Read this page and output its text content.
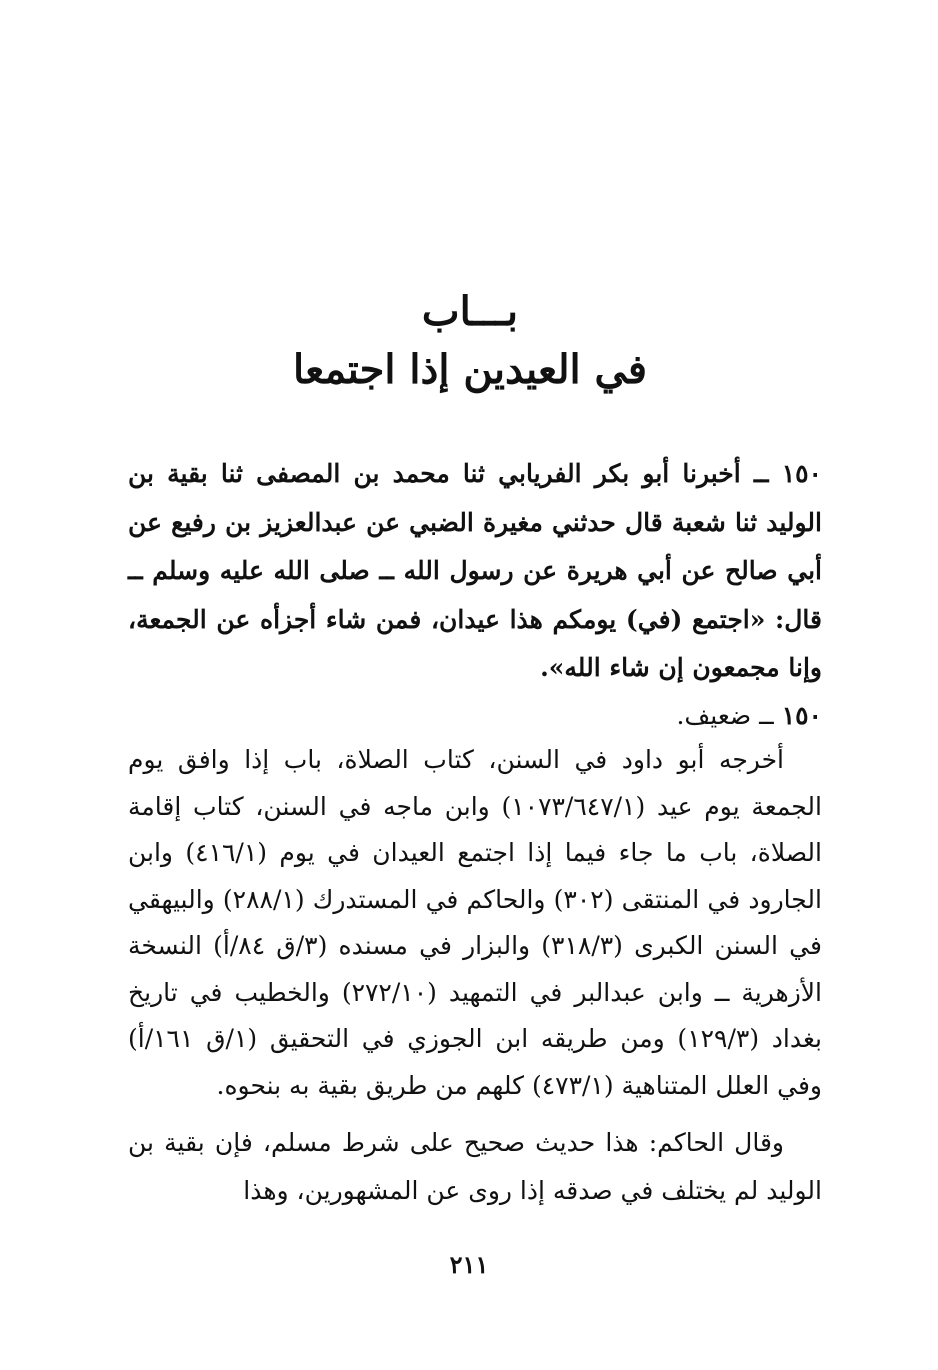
بـــاب
في العيدين إذا اجتمعا
١٥٠ ــ أخبرنا أبو بكر الفريابي ثنا محمد بن المصفى ثنا بقية بن الوليد ثنا شعبة قال حدثني مغيرة الضبي عن عبدالعزيز بن رفيع عن أبي صالح عن أبي هريرة عن رسول الله ــ صلى الله عليه وسلم ــ قال: «اجتمع (في) يومكم هذا عيدان، فمن شاء أجزأه عن الجمعة، وإنا مجمعون إن شاء الله».
١٥٠ ــ ضعيف.
أخرجه أبو داود في السنن، كتاب الصلاة، باب إذا وافق يوم الجمعة يوم عيد (١٠٧٣/٦٤٧/١) وابن ماجه في السنن، كتاب إقامة الصلاة، باب ما جاء فيما إذا اجتمع العيدان في يوم (٤١٦/١) وابن الجارود في المنتقى (٣٠٢) والحاكم في المستدرك (٢٨٨/١) والبيهقي في السنن الكبرى (٣١٨/٣) والبزار في مسنده (٣/ق ٨٤/أ) النسخة الأزهرية ــ وابن عبدالبر في التمهيد (٢٧٢/١٠) والخطيب في تاريخ بغداد (١٢٩/٣) ومن طريقه ابن الجوزي في التحقيق (١/ق ١٦١/أ) وفي العلل المتناهية (٤٧٣/١) كلهم من طريق بقية به بنحوه.
وقال الحاكم: هذا حديث صحيح على شرط مسلم، فإن بقية بن الوليد لم يختلف في صدقه إذا روى عن المشهورين، وهذا
٢١١
